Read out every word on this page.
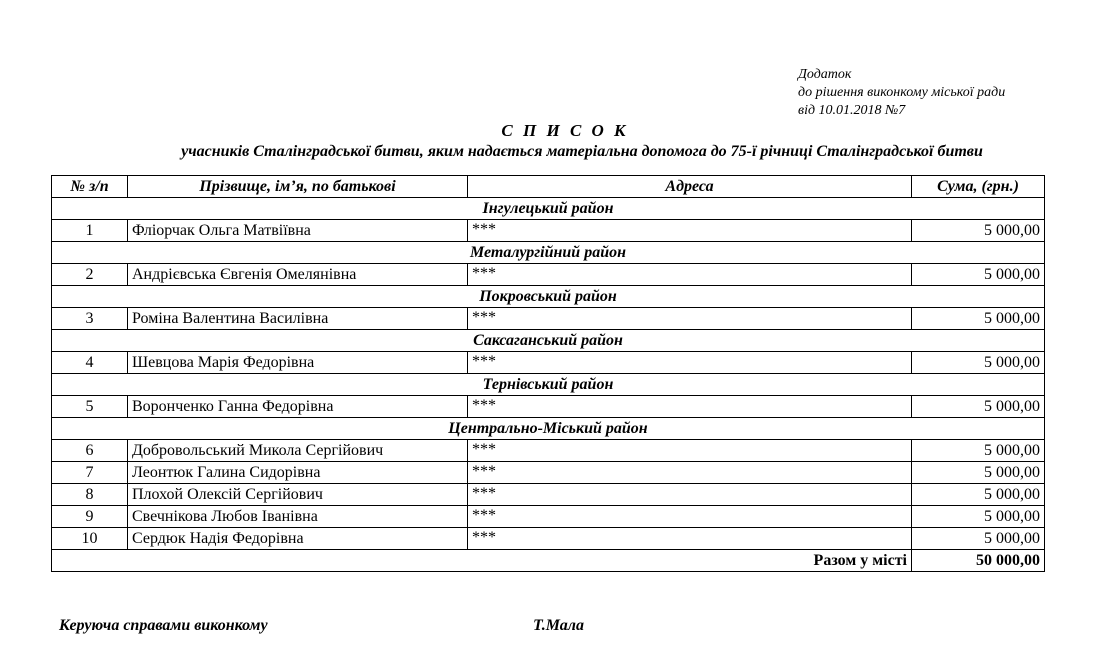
Додаток
до рішення виконкому міської ради
від 10.01.2018 №7
С П И С О К
учасників Сталінградської битви, яким надається матеріальна допомога до 75-ї річниці Сталінградської битви
№ з/п	Прізвище, ім’я, по батькові	Адреса	Сума, (грн.)
Інгулецький район			
1	Фліорчак Ольга Матвіївна	***	5 000,00
Металургійний район			
2	Андрієвська Євгенія Омелянівна	***	5 000,00
Покровський район			
3	Роміна Валентина Василівна	***	5 000,00
Саксаганський район			
4	Шевцова Марія Федорівна	***	5 000,00
Тернівський район			
5	Воронченко Ганна Федорівна	***	5 000,00
Центрально-Міський район			
6	Добровольський Микола Сергійович	***	5 000,00
7	Леонтюк Галина Сидорівна	***	5 000,00
8	Плохой Олексій Сергійович	***	5 000,00
9	Свечнікова Любов Іванівна	***	5 000,00
10	Сердюк Надія Федорівна	***	5 000,00
Разом у місті			50 000,00
Керуюча справами виконкому	Т.Мала
